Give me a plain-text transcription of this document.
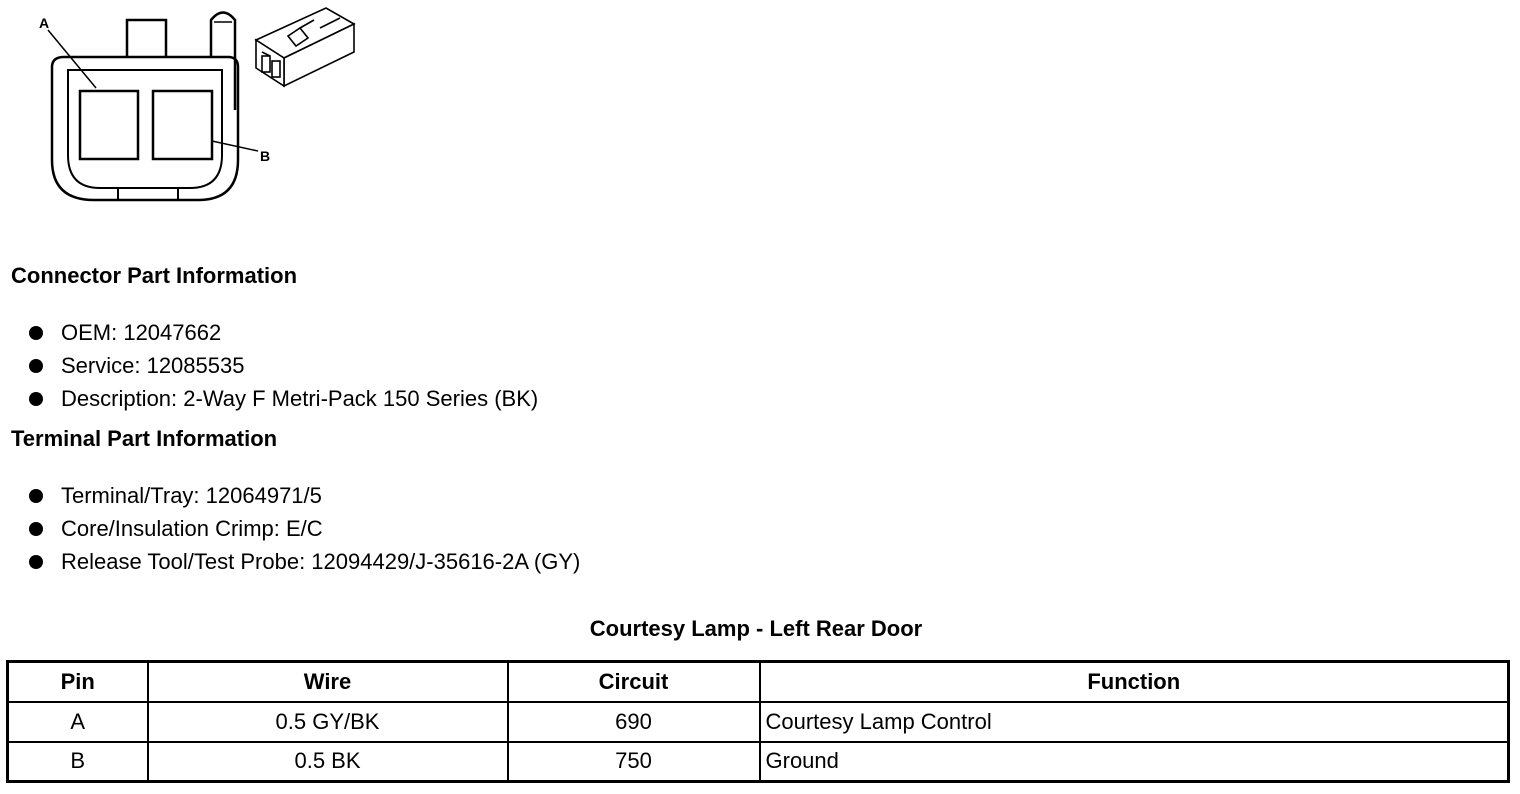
A
B
Connector Part Information
OEM: 12047662
Service: 12085535
Description: 2-Way F Metri-Pack 150 Series (BK)
Terminal Part Information
Terminal/Tray: 12064971/5
Core/Insulation Crimp: E/C
Release Tool/Test Probe: 12094429/J-35616-2A (GY)
Courtesy Lamp - Left Rear Door
Pin	Wire	Circuit	Function
A	0.5 GY/BK	690	Courtesy Lamp Control
B	0.5 BK	750	Ground
